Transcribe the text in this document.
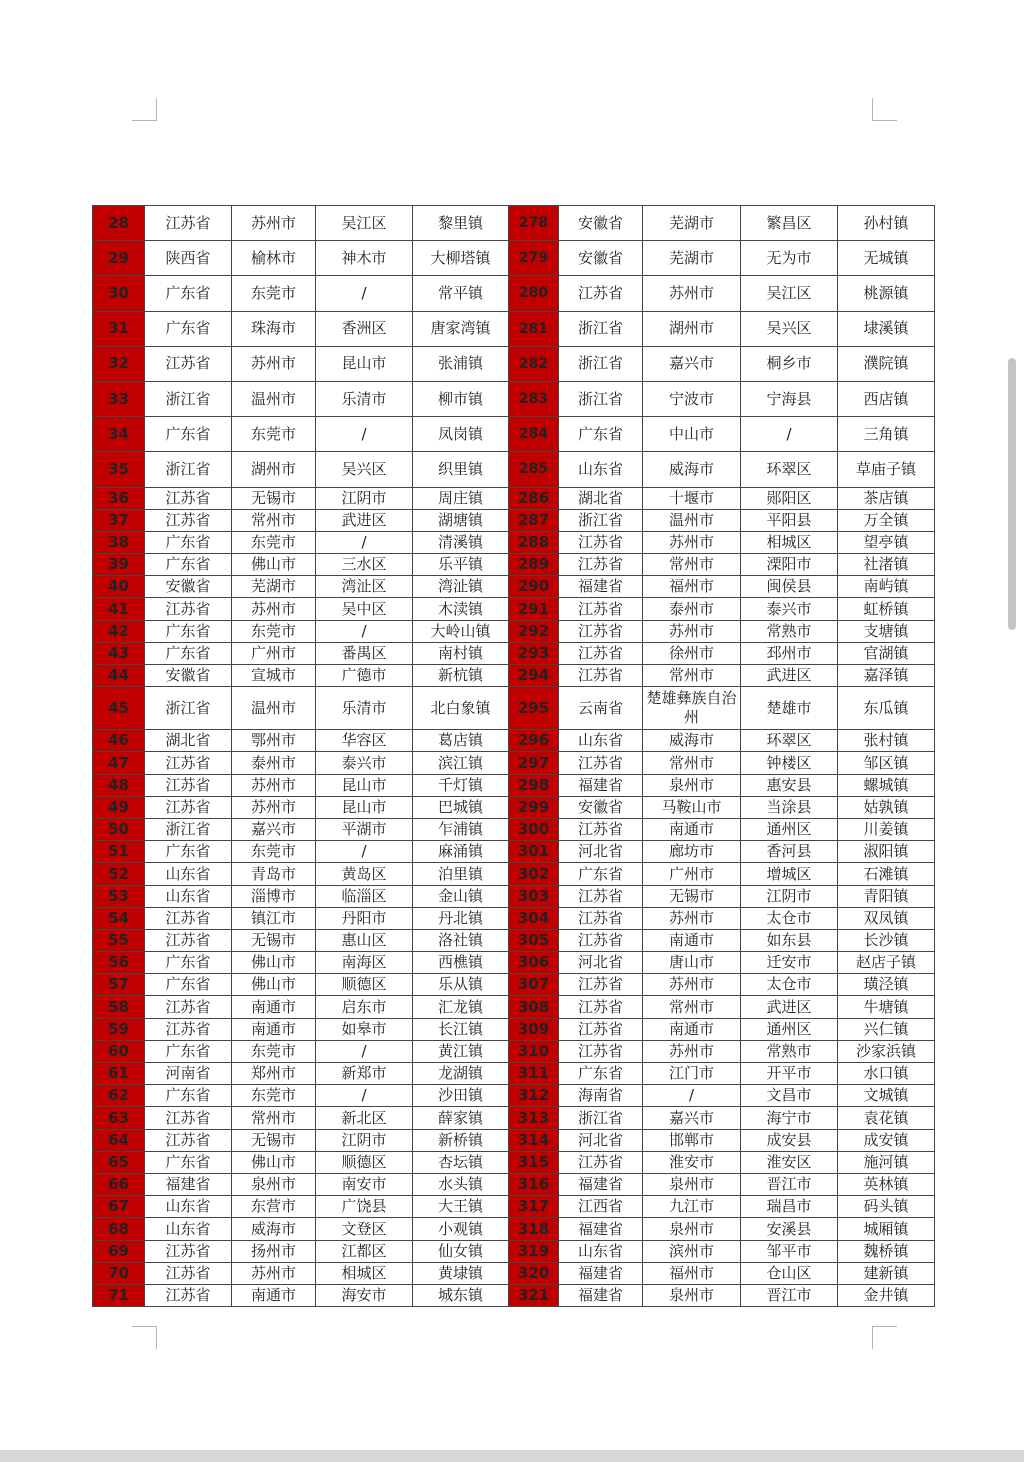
28	江苏省	苏州市	吴江区	黎里镇	278	安徽省	芜湖市	繁昌区	孙村镇
29	陕西省	榆林市	神木市	大柳塔镇	279	安徽省	芜湖市	无为市	无城镇
30	广东省	东莞市	/	常平镇	280	江苏省	苏州市	吴江区	桃源镇
31	广东省	珠海市	香洲区	唐家湾镇	281	浙江省	湖州市	吴兴区	埭溪镇
32	江苏省	苏州市	昆山市	张浦镇	282	浙江省	嘉兴市	桐乡市	濮院镇
33	浙江省	温州市	乐清市	柳市镇	283	浙江省	宁波市	宁海县	西店镇
34	广东省	东莞市	/	凤岗镇	284	广东省	中山市	/	三角镇
35	浙江省	湖州市	吴兴区	织里镇	285	山东省	威海市	环翠区	草庙子镇
36	江苏省	无锡市	江阴市	周庄镇	286	湖北省	十堰市	郧阳区	茶店镇
37	江苏省	常州市	武进区	湖塘镇	287	浙江省	温州市	平阳县	万全镇
38	广东省	东莞市	/	清溪镇	288	江苏省	苏州市	相城区	望亭镇
39	广东省	佛山市	三水区	乐平镇	289	江苏省	常州市	溧阳市	社渚镇
40	安徽省	芜湖市	湾沚区	湾沚镇	290	福建省	福州市	闽侯县	南屿镇
41	江苏省	苏州市	吴中区	木渎镇	291	江苏省	泰州市	泰兴市	虹桥镇
42	广东省	东莞市	/	大岭山镇	292	江苏省	苏州市	常熟市	支塘镇
43	广东省	广州市	番禺区	南村镇	293	江苏省	徐州市	邳州市	官湖镇
44	安徽省	宣城市	广德市	新杭镇	294	江苏省	常州市	武进区	嘉泽镇
45	浙江省	温州市	乐清市	北白象镇	295	云南省	楚雄彝族自治州	楚雄市	东瓜镇
46	湖北省	鄂州市	华容区	葛店镇	296	山东省	威海市	环翠区	张村镇
47	江苏省	泰州市	泰兴市	滨江镇	297	江苏省	常州市	钟楼区	邹区镇
48	江苏省	苏州市	昆山市	千灯镇	298	福建省	泉州市	惠安县	螺城镇
49	江苏省	苏州市	昆山市	巴城镇	299	安徽省	马鞍山市	当涂县	姑孰镇
50	浙江省	嘉兴市	平湖市	乍浦镇	300	江苏省	南通市	通州区	川姜镇
51	广东省	东莞市	/	麻涌镇	301	河北省	廊坊市	香河县	淑阳镇
52	山东省	青岛市	黄岛区	泊里镇	302	广东省	广州市	增城区	石滩镇
53	山东省	淄博市	临淄区	金山镇	303	江苏省	无锡市	江阴市	青阳镇
54	江苏省	镇江市	丹阳市	丹北镇	304	江苏省	苏州市	太仓市	双凤镇
55	江苏省	无锡市	惠山区	洛社镇	305	江苏省	南通市	如东县	长沙镇
56	广东省	佛山市	南海区	西樵镇	306	河北省	唐山市	迁安市	赵店子镇
57	广东省	佛山市	顺德区	乐从镇	307	江苏省	苏州市	太仓市	璜泾镇
58	江苏省	南通市	启东市	汇龙镇	308	江苏省	常州市	武进区	牛塘镇
59	江苏省	南通市	如皋市	长江镇	309	江苏省	南通市	通州区	兴仁镇
60	广东省	东莞市	/	黄江镇	310	江苏省	苏州市	常熟市	沙家浜镇
61	河南省	郑州市	新郑市	龙湖镇	311	广东省	江门市	开平市	水口镇
62	广东省	东莞市	/	沙田镇	312	海南省	/	文昌市	文城镇
63	江苏省	常州市	新北区	薛家镇	313	浙江省	嘉兴市	海宁市	袁花镇
64	江苏省	无锡市	江阴市	新桥镇	314	河北省	邯郸市	成安县	成安镇
65	广东省	佛山市	顺德区	杏坛镇	315	江苏省	淮安市	淮安区	施河镇
66	福建省	泉州市	南安市	水头镇	316	福建省	泉州市	晋江市	英林镇
67	山东省	东营市	广饶县	大王镇	317	江西省	九江市	瑞昌市	码头镇
68	山东省	威海市	文登区	小观镇	318	福建省	泉州市	安溪县	城厢镇
69	江苏省	扬州市	江都区	仙女镇	319	山东省	滨州市	邹平市	魏桥镇
70	江苏省	苏州市	相城区	黄埭镇	320	福建省	福州市	仓山区	建新镇
71	江苏省	南通市	海安市	城东镇	321	福建省	泉州市	晋江市	金井镇
